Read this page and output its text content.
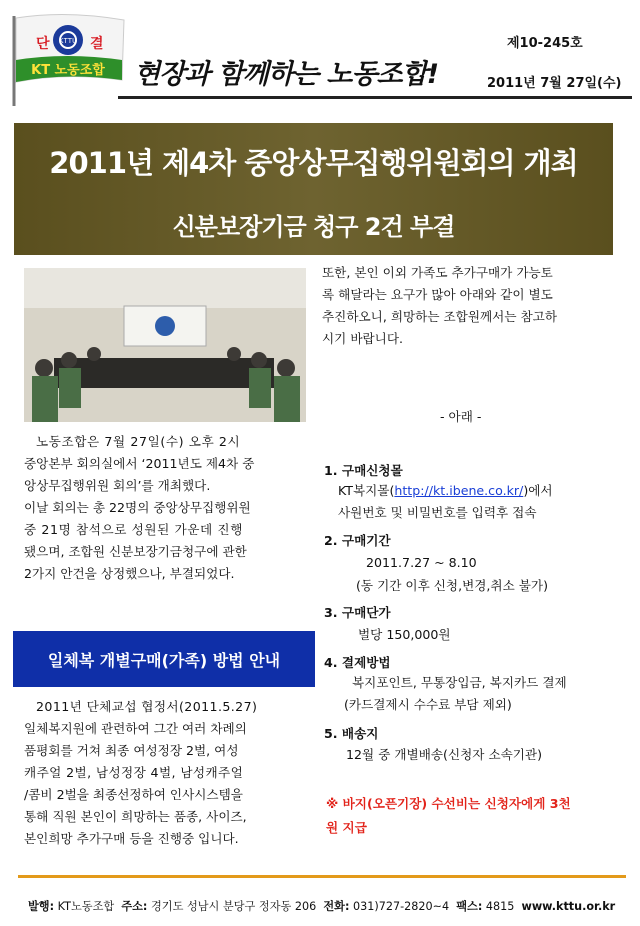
KTTU
단	결
KT 노동조합 현장과 함께하는 노동조합!
제10-245호
2011년 7월 27일(수)
2011년 제4차 중앙상무집행위원회의 개최
신분보장기금 청구 2건 부결
노동조합은 7월 27일(수) 오후 2시
중앙본부 회의실에서 ‘2011년도 제4차 중
앙상무집행위원 회의’를 개최했다.
이날 회의는 총 22명의 중앙상무집행위원
중 21명 참석으로 성원된 가운데 진행
됐으며, 조합원 신분보장기금청구에 관한
2가지 안건을 상정했으나, 부결되었다.
일체복 개별구매(가족) 방법 안내
2011년 단체교섭 협정서(2011.5.27)
일체복지원에 관련하여 그간 여러 차례의
품평회를 거쳐 최종 여성정장 2벌, 여성
캐주얼 2벌, 남성정장 4벌, 남성캐주얼
/콤비 2벌을 최종선정하여 인사시스템을
통해 직원 본인이 희망하는 품종, 사이즈,
본인희망 추가구매 등을 진행중 입니다.
또한, 본인 이외 가족도 추가구매가 가능토
록 해달라는 요구가 많아 아래와 같이 별도
추진하오니, 희망하는 조합원께서는 참고하
시기 바랍니다.
- 아래 -
1. 구매신청몰
KT복지몰(http://kt.ibene.co.kr/)에서
사원번호 및 비밀번호를 입력후 접속
2. 구매기간
2011.7.27 ~ 8.10
(동 기간 이후 신청,변경,취소 불가)
3. 구매단가
벌당 150,000원
4. 결제방법
복지포인트, 무통장입금, 복지카드 결제
(카드결제시 수수료 부담 제외)
5. 배송지
12월 중 개별배송(신청자 소속기관)
※ 바지(오픈기장) 수선비는 신청자에게 3천
원 지급
발행: KT노동조합 주소: 경기도 성남시 분당구 정자동 206 전화: 031)727-2820~4 팩스: 4815 www.kttu.or.kr
